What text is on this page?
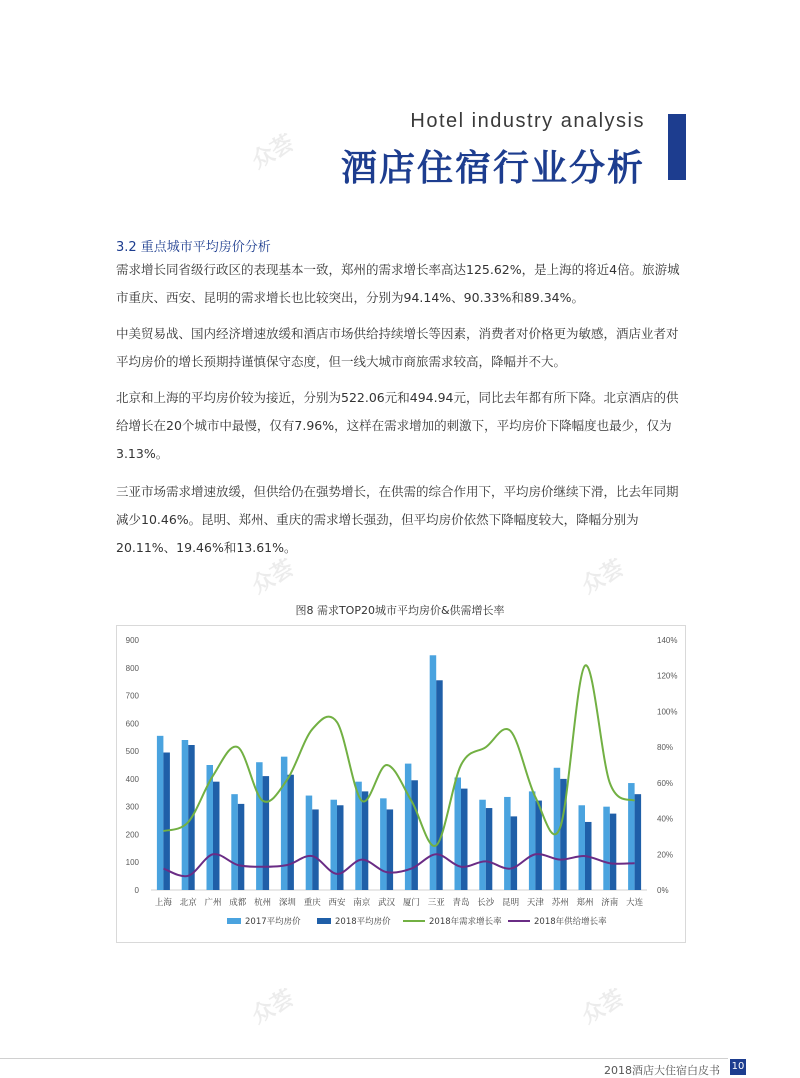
众荟
众荟
众荟
众荟	众荟
Hotel industry analysis
酒店住宿行业分析
3.2 重点城市平均房价分析

需求增长同省级行政区的表现基本一致，郑州的需求增长率高达125.62%，是上海的将近4倍。旅游城市重庆、西安、昆明的需求增长也比较突出，分别为94.14%、90.33%和89.34%。

中美贸易战、国内经济增速放缓和酒店市场供给持续增长等因素，消费者对价格更为敏感，酒店业者对平均房价的增长预期持谨慎保守态度，但一线大城市商旅需求较高，降幅并不大。

北京和上海的平均房价较为接近，分别为522.06元和494.94元，同比去年都有所下降。北京酒店的供给增长在20个城市中最慢，仅有7.96%，这样在需求增加的刺激下，平均房价下降幅度也最少，仅为3.13%。

三亚市场需求增速放缓，但供给仍在强势增长，在供需的综合作用下，平均房价继续下滑，比去年同期减少10.46%。昆明、郑州、重庆的需求增长强劲，但平均房价依然下降幅度较大，降幅分别为20.11%、19.46%和13.61%。

图8 需求TOP20城市平均房价&供需增长率
0
100
200
300
400
500
600
700
800
900
0%
20%
40%
60%
80%
100%
120%
140%
上海 北京 广州 成都 杭州 深圳 重庆 西安 南京 武汉 厦门 三亚 青岛 长沙 昆明 天津 苏州 郑州 济南 大连
2017平均房价	2018平均房价	2018年需求增长率	2018年供给增长率
2018酒店大住宿白皮书 10
